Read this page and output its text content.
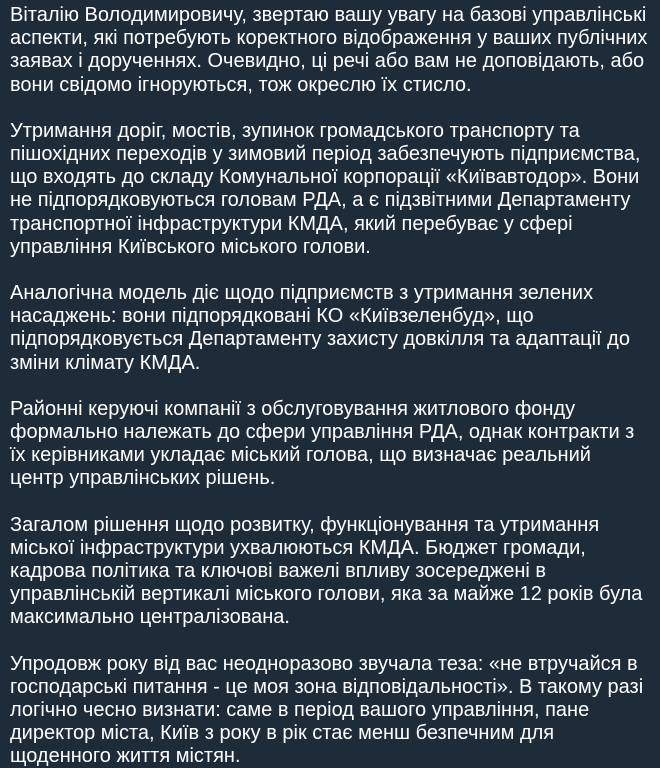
Віталію Володимировичу, звертаю вашу увагу на базові управлінські аспекти, які потребують коректного відображення у ваших публічних заявах і дорученнях. Очевидно, ці речі або вам не доповідають, або вони свідомо ігноруються, тож окреслю їх стисло.

Утримання доріг, мостів, зупинок громадського транспорту та пішохідних переходів у зимовий період забезпечують підприємства, що входять до складу Комунальної корпорації «Київавтодор». Вони не підпорядковуються головам РДА, а є підзвітними Департаменту транспортної інфраструктури КМДА, який перебуває у сфері управління Київського міського голови.

Аналогічна модель діє щодо підприємств з утримання зелених насаджень: вони підпорядковані КО «Київзеленбуд», що підпорядковується Департаменту захисту довкілля та адаптації до зміни клімату КМДА.

Районні керуючі компанії з обслуговування житлового фонду формально належать до сфери управління РДА, однак контракти з їх керівниками укладає міський голова, що визначає реальний центр управлінських рішень.

Загалом рішення щодо розвитку, функціонування та утримання міської інфраструктури ухвалюються КМДА. Бюджет громади, кадрова політика та ключові важелі впливу зосереджені в управлінській вертикалі міського голови, яка за майже 12 років була максимально централізована.

Упродовж року від вас неодноразово звучала теза: «не втручайся в господарські питання - це моя зона відповідальності». В такому разі логічно чесно визнати: саме в період вашого управління, пане директор міста, Київ з року в рік стає менш безпечним для щоденного життя містян.
